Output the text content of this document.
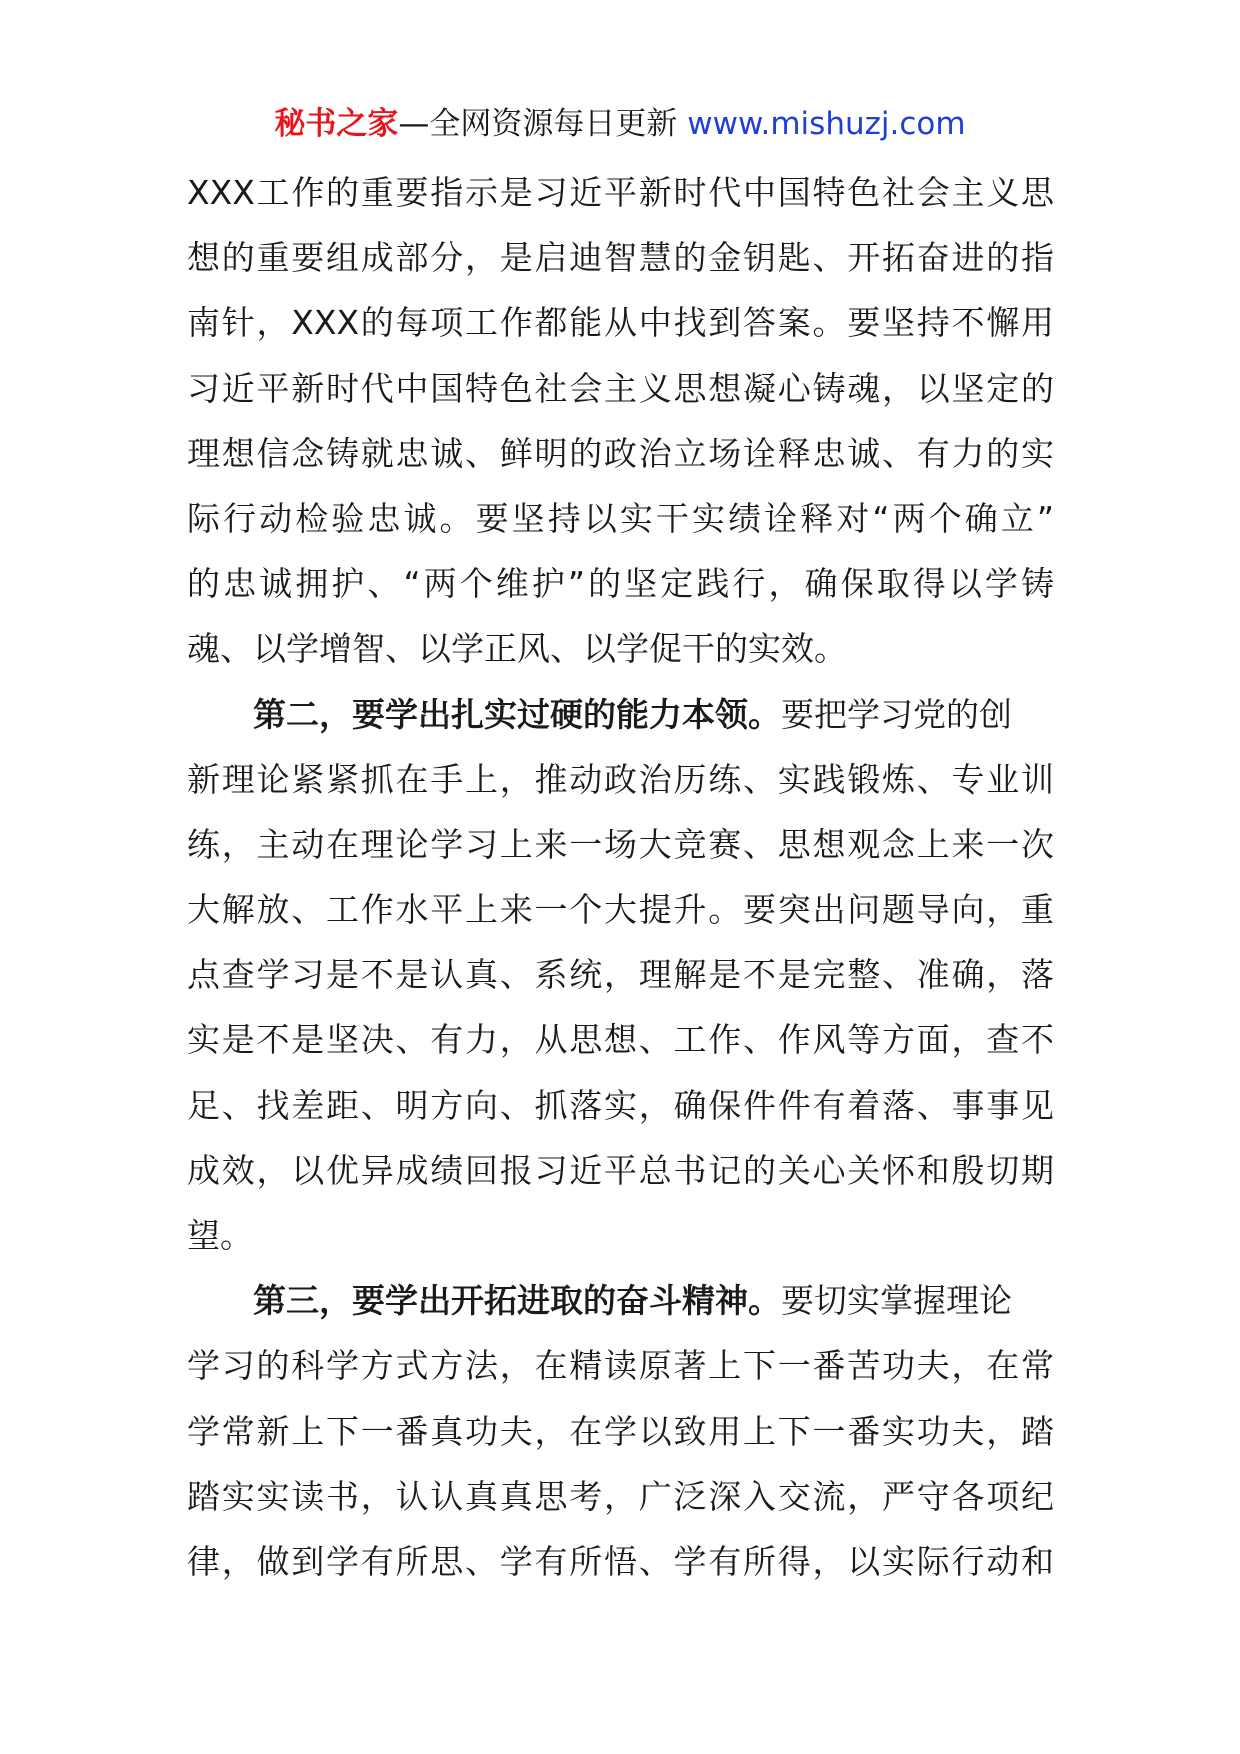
秘书之家—全网资源每日更新 www.mishuzj.com
XXX工作的重要指示是习近平新时代中国特色社会主义思
想的重要组成部分，是启迪智慧的金钥匙、开拓奋进的指
南针，XXX的每项工作都能从中找到答案。要坚持不懈用
习近平新时代中国特色社会主义思想凝心铸魂，以坚定的
理想信念铸就忠诚、鲜明的政治立场诠释忠诚、有力的实
际行动检验忠诚。要坚持以实干实绩诠释对“两个确立”
的忠诚拥护、“两个维护”的坚定践行，确保取得以学铸
魂、以学增智、以学正风、以学促干的实效。
第二，要学出扎实过硬的能力本领。要把学习党的创
新理论紧紧抓在手上，推动政治历练、实践锻炼、专业训
练，主动在理论学习上来一场大竞赛、思想观念上来一次
大解放、工作水平上来一个大提升。要突出问题导向，重
点查学习是不是认真、系统，理解是不是完整、准确，落
实是不是坚决、有力，从思想、工作、作风等方面，查不
足、找差距、明方向、抓落实，确保件件有着落、事事见
成效，以优异成绩回报习近平总书记的关心关怀和殷切期
望。
第三，要学出开拓进取的奋斗精神。要切实掌握理论
学习的科学方式方法，在精读原著上下一番苦功夫，在常
学常新上下一番真功夫，在学以致用上下一番实功夫，踏
踏实实读书，认认真真思考，广泛深入交流，严守各项纪
律，做到学有所思、学有所悟、学有所得，以实际行动和
